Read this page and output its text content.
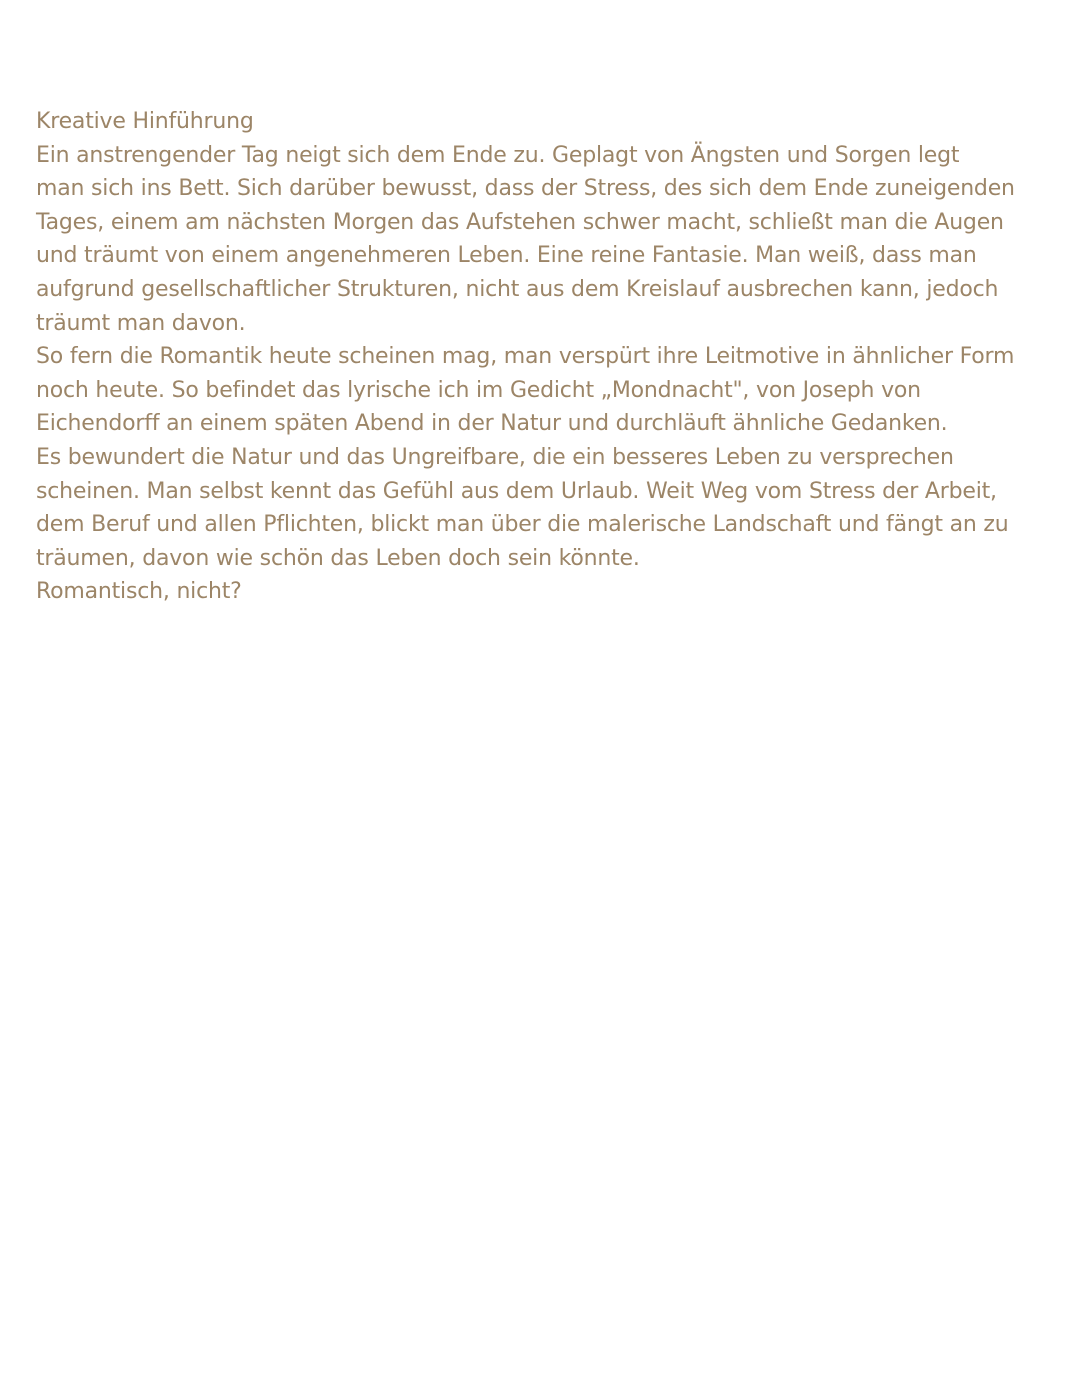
Kreative Hinführung
Ein anstrengender Tag neigt sich dem Ende zu. Geplagt von Ängsten und Sorgen legt
man sich ins Bett. Sich darüber bewusst, dass der Stress, des sich dem Ende zuneigenden
Tages, einem am nächsten Morgen das Aufstehen schwer macht, schließt man die Augen
und träumt von einem angenehmeren Leben. Eine reine Fantasie. Man weiß, dass man
aufgrund gesellschaftlicher Strukturen, nicht aus dem Kreislauf ausbrechen kann, jedoch
träumt man davon.
So fern die Romantik heute scheinen mag, man verspürt ihre Leitmotive in ähnlicher Form
noch heute. So befindet das lyrische ich im Gedicht „Mondnacht", von Joseph von
Eichendorff an einem späten Abend in der Natur und durchläuft ähnliche Gedanken.
Es bewundert die Natur und das Ungreifbare, die ein besseres Leben zu versprechen
scheinen. Man selbst kennt das Gefühl aus dem Urlaub. Weit Weg vom Stress der Arbeit,
dem Beruf und allen Pflichten, blickt man über die malerische Landschaft und fängt an zu
träumen, davon wie schön das Leben doch sein könnte.
Romantisch, nicht?
